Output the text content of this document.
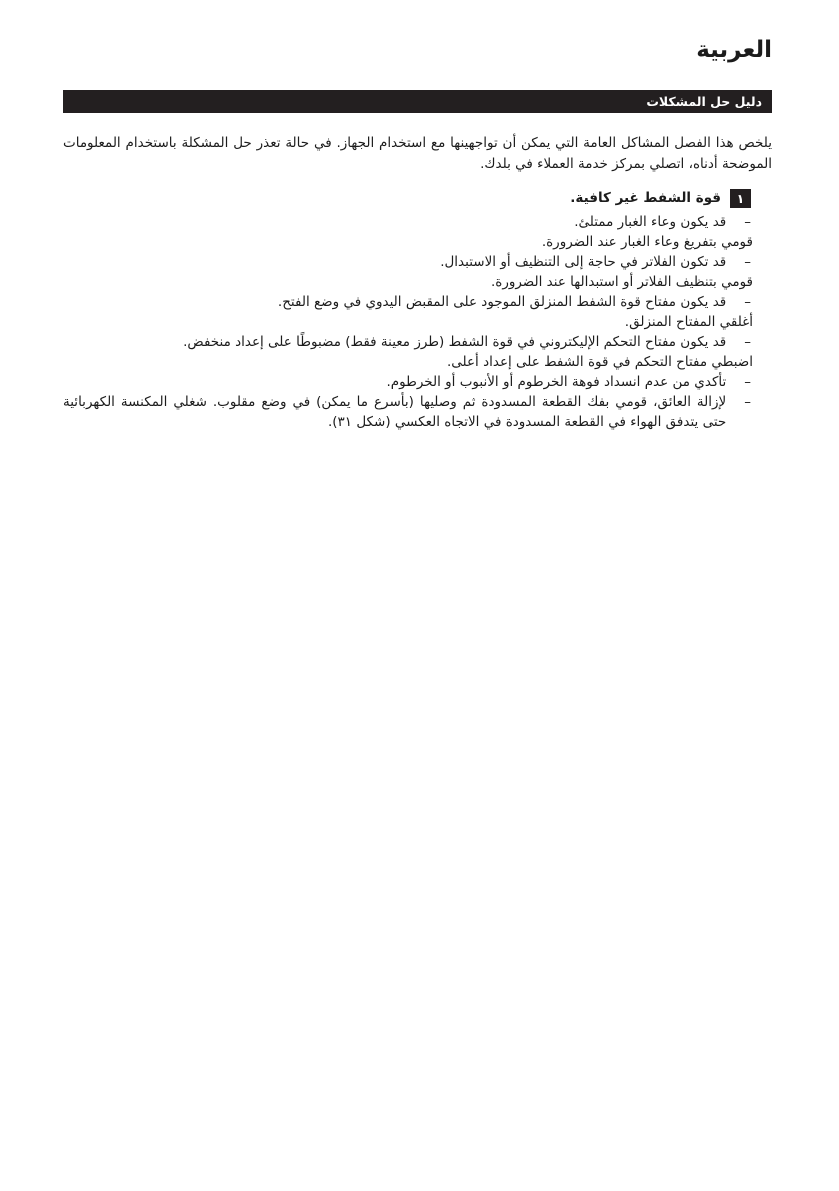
العربية
دليل حل المشكلات

يلخص هذا الفصل المشاكل العامة التي يمكن أن تواجهينها مع استخدام الجهاز. في حالة تعذر حل المشكلة باستخدام المعلومات الموضحة أدناه، اتصلي بمركز خدمة العملاء في بلدك.

١
قوة الشفط غير كافية.
–
قد يكون وعاء الغبار ممتلئ.
قومي بتفريغ وعاء الغبار عند الضرورة.
–
قد تكون الفلاتر في حاجة إلى التنظيف أو الاستبدال.
قومي بتنظيف الفلاتر أو استبدالها عند الضرورة.
–
قد يكون مفتاح قوة الشفط المنزلق الموجود على المقبض اليدوي في وضع الفتح.
أغلقي المفتاح المنزلق.
–
قد يكون مفتاح التحكم الإليكتروني في قوة الشفط (طرز معينة فقط) مضبوطًا على إعداد منخفض.
اضبطي مفتاح التحكم في قوة الشفط على إعداد أعلى.
–
تأكدي من عدم انسداد فوهة الخرطوم أو الأنبوب أو الخرطوم.
–
لإزالة العائق، قومي بفك القطعة المسدودة ثم وصليها (بأسرع ما يمكن) في وضع مقلوب. شغلي المكنسة الكهربائية حتى يتدفق الهواء في القطعة المسدودة في الاتجاه العكسي (شكل ٣١).
